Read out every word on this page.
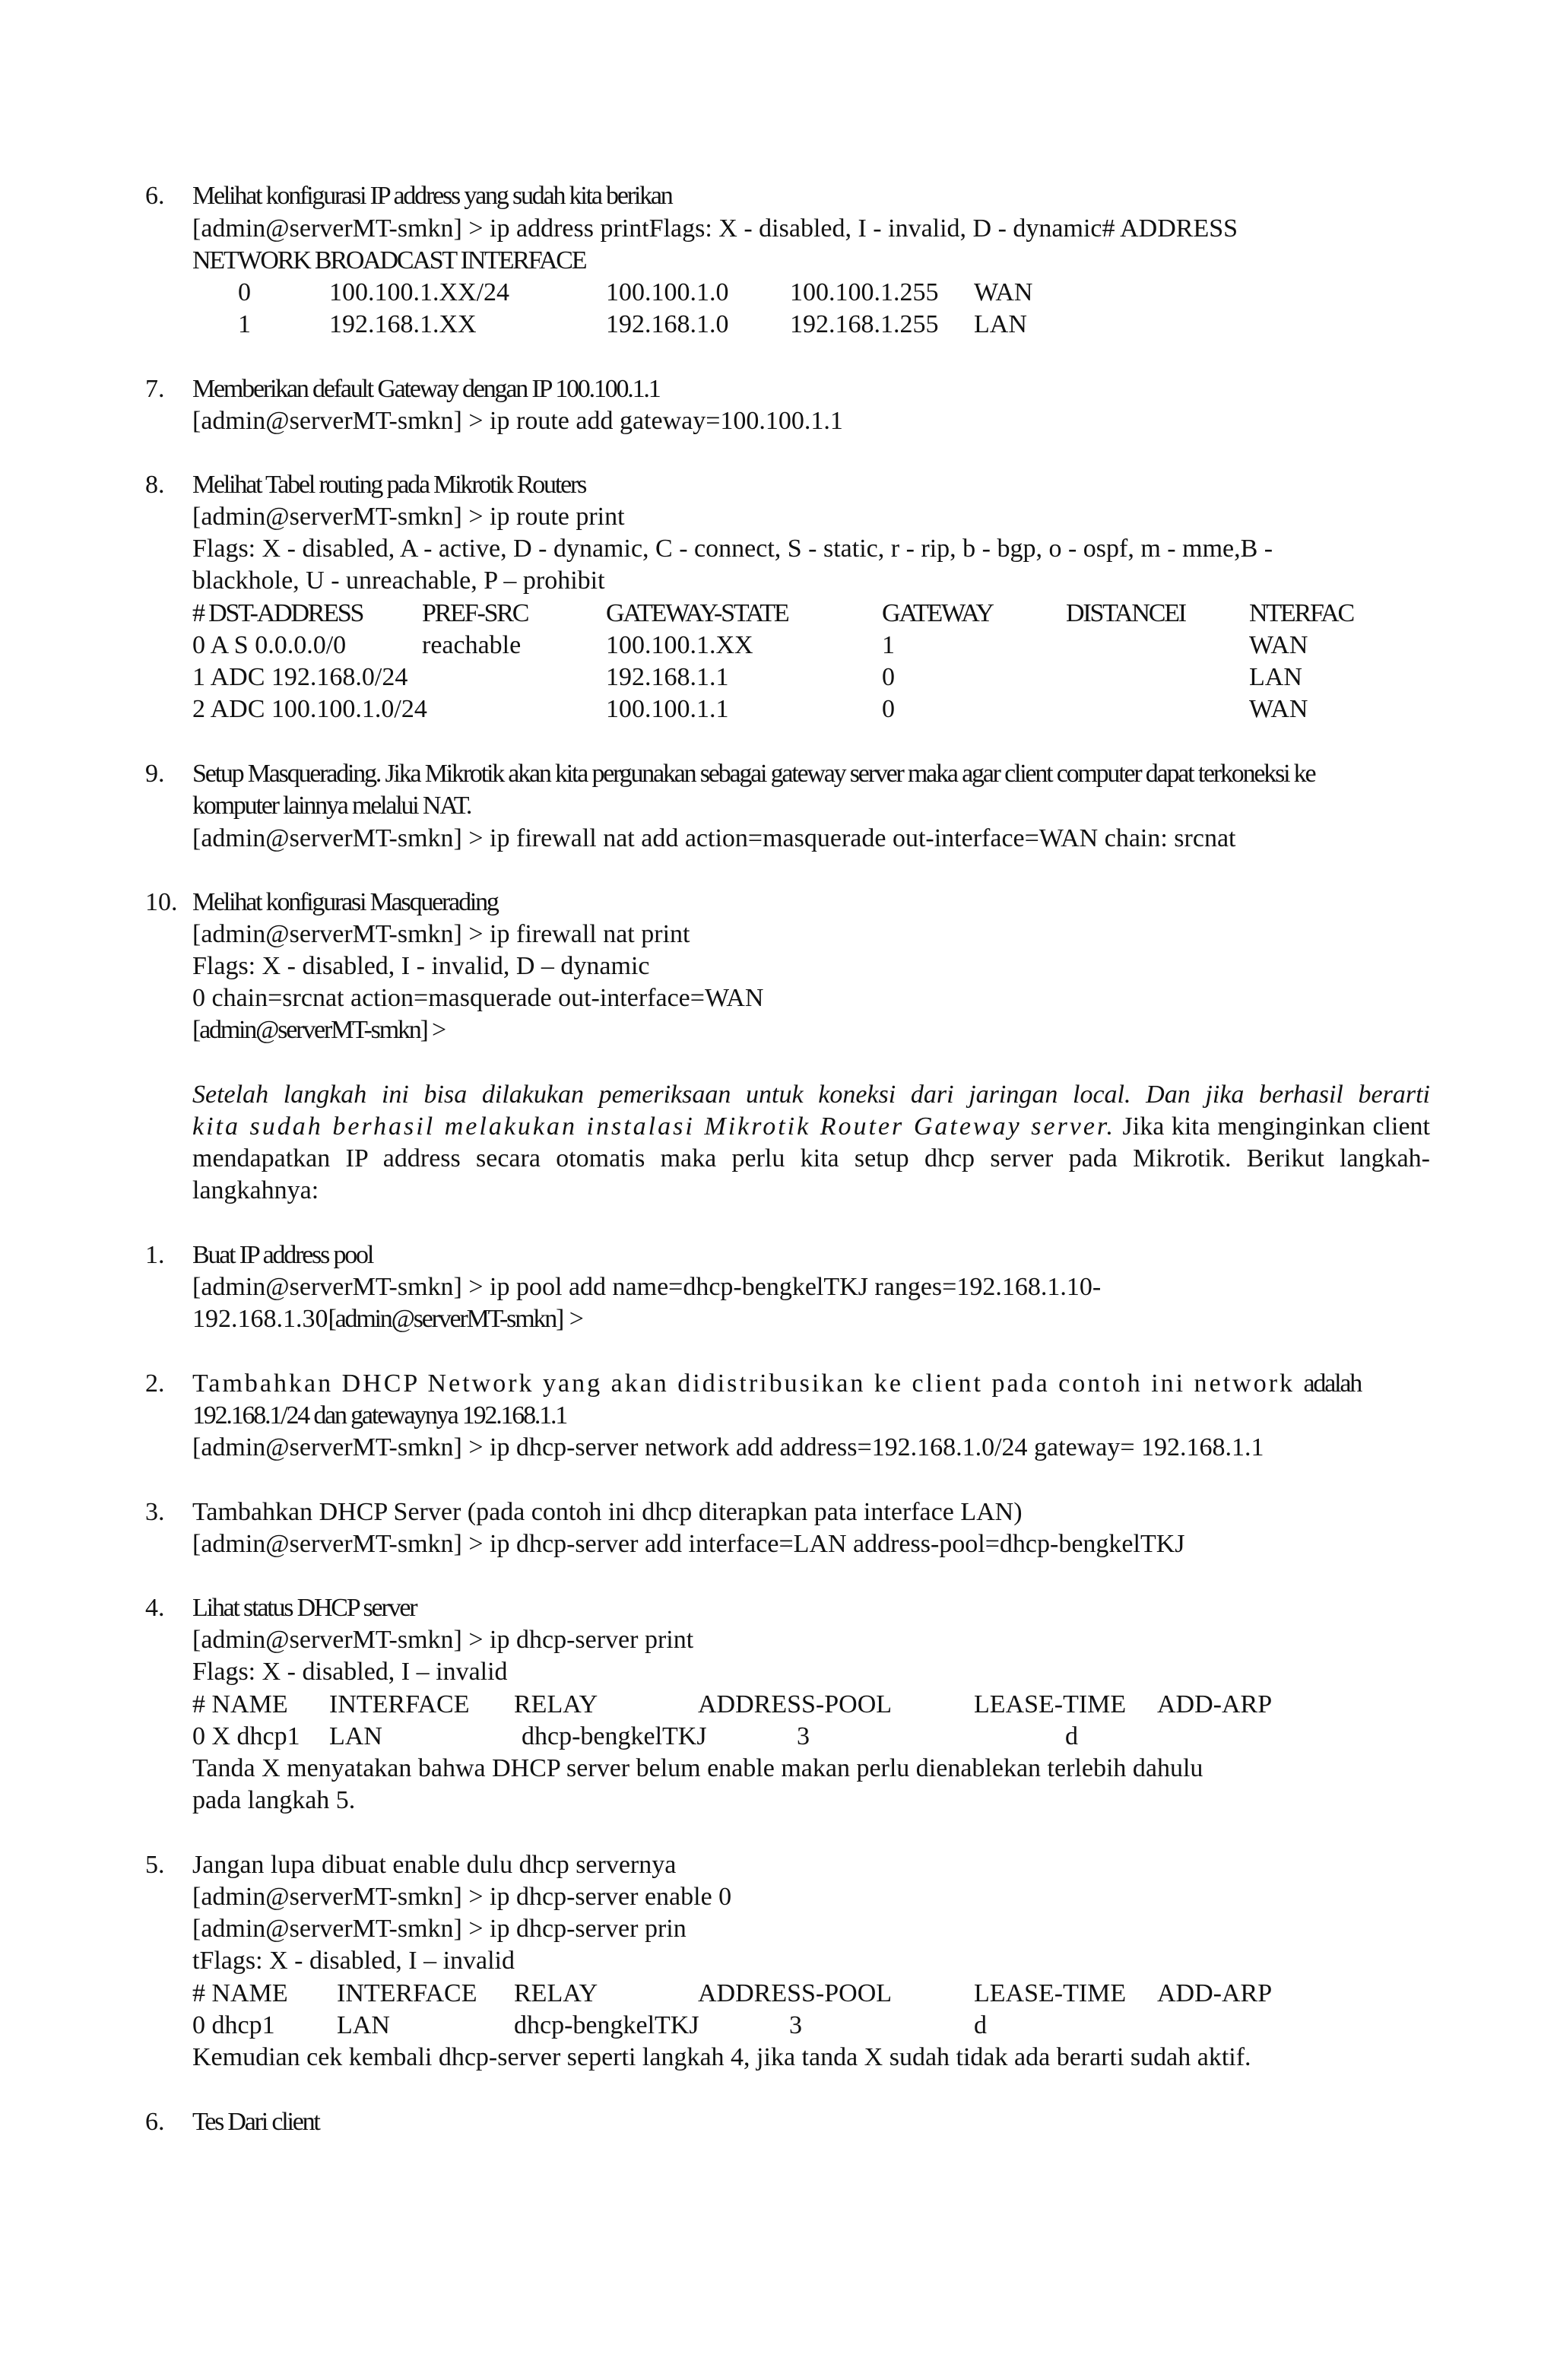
6. Melihat konfigurasi IP address yang sudah kita berikan
[admin@serverMT-smkn] > ip address printFlags: X - disabled, I - invalid, D - dynamic# ADDRESS
NETWORK BROADCAST INTERFACE
0	100.100.1.XX/24	100.100.1.0 100.100.1.255 WAN
1	192.168.1.XX	192.168.1.0 192.168.1.255 LAN
7. Memberikan default Gateway dengan IP 100.100.1.1
[admin@serverMT-smkn] > ip route add gateway=100.100.1.1
8. Melihat Tabel routing pada Mikrotik Routers
[admin@serverMT-smkn] > ip route print
Flags: X - disabled, A - active, D - dynamic, C - connect, S - static, r - rip, b - bgp, o - ospf, m - mme,B -
blackhole, U - unreachable, P – prohibit
# DST-ADDRESS PREF-SRC	GATEWAY-STATE	GATEWAY	DISTANCEI NTERFAC
0 A S 0.0.0.0/0	reachable	100.100.1.XX	1	WAN
1 ADC 192.168.0/24	192.168.1.1	0	LAN
2 ADC 100.100.1.0/24	100.100.1.1	0	WAN
9. Setup Masquerading. Jika Mikrotik akan kita pergunakan sebagai gateway server maka agar client computer dapat terkoneksi ke
komputer lainnya melalui NAT.
[admin@serverMT-smkn] > ip firewall nat add action=masquerade out-interface=WAN chain: srcnat
10. Melihat konfigurasi Masquerading
[admin@serverMT-smkn] > ip firewall nat print
Flags: X - disabled, I - invalid, D – dynamic
0 chain=srcnat action=masquerade out-interface=WAN
[admin@serverMT-smkn] >
Setelah langkah ini bisa dilakukan pemeriksaan untuk koneksi dari jaringan local. Dan jika berhasil berarti
kita sudah berhasil melakukan instalasi Mikrotik Router Gateway server. Jika kita menginginkan client
mendapatkan IP address secara otomatis maka perlu kita setup dhcp server pada Mikrotik. Berikut langkah-
langkahnya:
1. Buat IP address pool
[admin@serverMT-smkn] > ip pool add name=dhcp-bengkelTKJ ranges=192.168.1.10-
192.168.1.30[admin@serverMT-smkn] >
2. Tambahkan DHCP Network yang akan didistribusikan ke client pada contoh ini network adalah
192.168.1/24 dan gatewaynya 192.168.1.1
[admin@serverMT-smkn] > ip dhcp-server network add address=192.168.1.0/24 gateway= 192.168.1.1
3. Tambahkan DHCP Server (pada contoh ini dhcp diterapkan pata interface LAN)
[admin@serverMT-smkn] > ip dhcp-server add interface=LAN address-pool=dhcp-bengkelTKJ
4. Lihat status DHCP server
[admin@serverMT-smkn] > ip dhcp-server print
Flags: X - disabled, I – invalid
# NAME INTERFACE RELAY	ADDRESS-POOL	LEASE-TIME ADD-ARP
0 X dhcp1 LAN	dhcp-bengkelTKJ	3	d
Tanda X menyatakan bahwa DHCP server belum enable makan perlu dienablekan terlebih dahulu
pada langkah 5.
5. Jangan lupa dibuat enable dulu dhcp servernya
[admin@serverMT-smkn] > ip dhcp-server enable 0
[admin@serverMT-smkn] > ip dhcp-server prin
tFlags: X - disabled, I – invalid
# NAME INTERFACE RELAY	ADDRESS-POOL	LEASE-TIME ADD-ARP
0 dhcp1 LAN	dhcp-bengkelTKJ	3	d
Kemudian cek kembali dhcp-server seperti langkah 4, jika tanda X sudah tidak ada berarti sudah aktif.
6. Tes Dari client
